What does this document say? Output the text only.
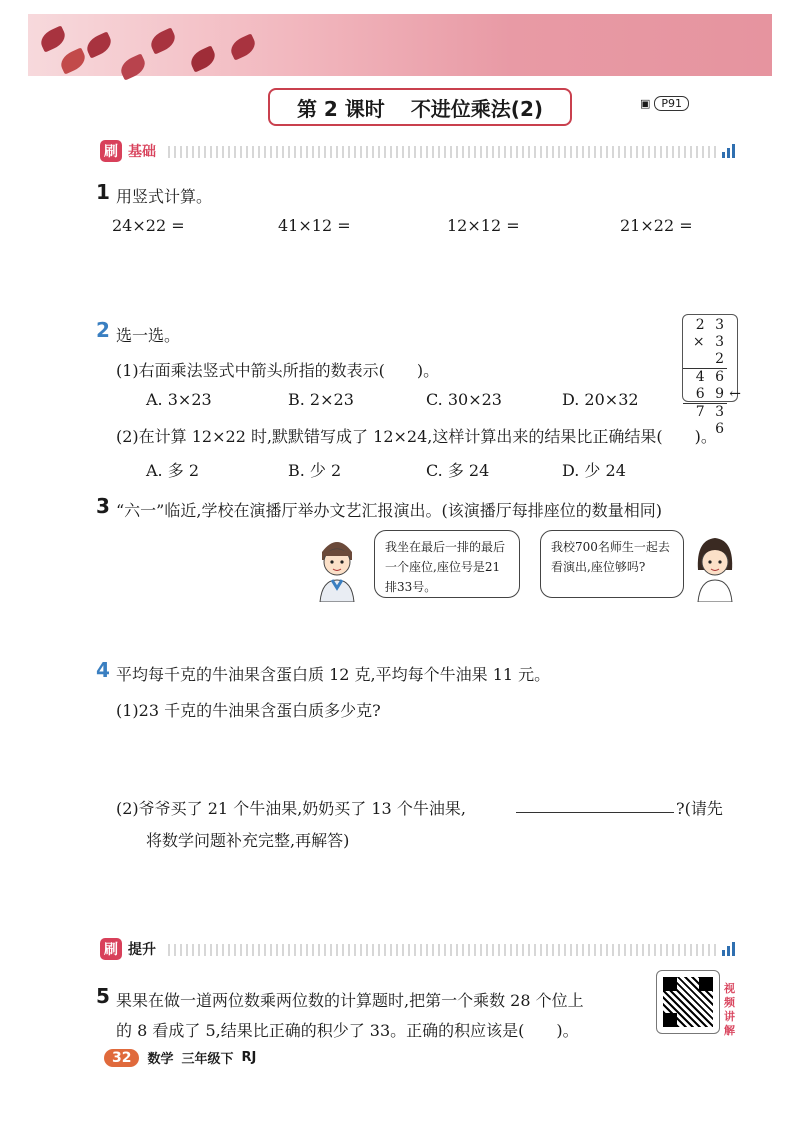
第 2 课时 不进位乘法(2)	▣	P91
刷 基础
1 用竖式计算。
24×22 =	41×12 =	12×12 =	21×22 =
2 选一选。
(1)右面乘法竖式中箭头所指的数表示(　　)。
A. 3×23	B. 2×23	C. 30×23	D. 20×32
(2)在计算 12×22 时,默默错写成了 12×24,这样计算出来的结果比正确结果(　　)。
A. 多 2	B. 少 2	C. 多 24	D. 少 24
2 3
× 3 2
4 6
6 9 ←
7 3 6
3 “六一”临近,学校在演播厅举办文艺汇报演出。(该演播厅每排座位的数量相同)
我坐在最后一排的最后一个座位,座位号是21排33号。
我校700名师生一起去看演出,座位够吗?
4 平均每千克的牛油果含蛋白质 12 克,平均每个牛油果 11 元。
(1)23 千克的牛油果含蛋白质多少克?
(2)爷爷买了 21 个牛油果,奶奶买了 13 个牛油果,	?(请先
将数学问题补充完整,再解答)
刷 提升
5 果果在做一道两位数乘两位数的计算题时,把第一个乘数 28 个位上
的 8 看成了 5,结果比正确的积少了 33。正确的积应该是(　　)。
视频讲解
32	数学 三年级下 RJ
